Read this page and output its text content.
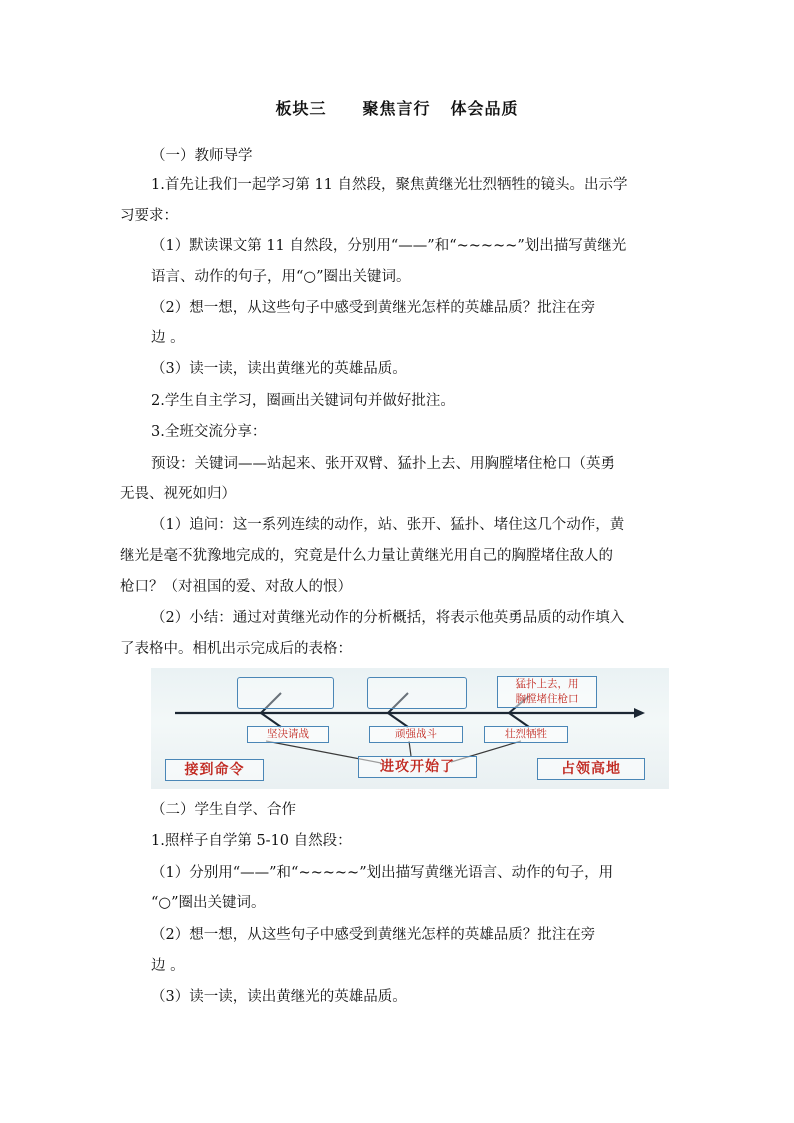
板块三 聚焦言行 体会品质
（一）教师导学
1.首先让我们一起学习第 11 自然段，聚焦黄继光壮烈牺牲的镜头。出示学
习要求：
（1）默读课文第 11 自然段，分别用“——”和“~~~~~”划出描写黄继光
语言、动作的句子，用“○”圈出关键词。
（2）想一想，从这些句子中感受到黄继光怎样的英雄品质？批注在旁
边 。
（3）读一读，读出黄继光的英雄品质。
2.学生自主学习，圈画出关键词句并做好批注。
3.全班交流分享：
预设：关键词——站起来、张开双臂、猛扑上去、用胸膛堵住枪口（英勇
无畏、视死如归）
（1）追问：这一系列连续的动作，站、张开、猛扑、堵住这几个动作，黄
继光是毫不犹豫地完成的，究竟是什么力量让黄继光用自己的胸膛堵住敌人的
枪口？（对祖国的爱、对敌人的恨）
（2）小结：通过对黄继光动作的分析概括，将表示他英勇品质的动作填入
了表格中。相机出示完成后的表格：
猛扑上去，用
胸膛堵住枪口
坚决请战	顽强战斗	壮烈牺牲
接到命令	进攻开始了	占领高地
（二）学生自学、合作
1.照样子自学第 5-10 自然段：
（1）分别用“——”和“~~~~~”划出描写黄继光语言、动作的句子，用
“○”圈出关键词。
（2）想一想，从这些句子中感受到黄继光怎样的英雄品质？批注在旁
边 。
（3）读一读，读出黄继光的英雄品质。
